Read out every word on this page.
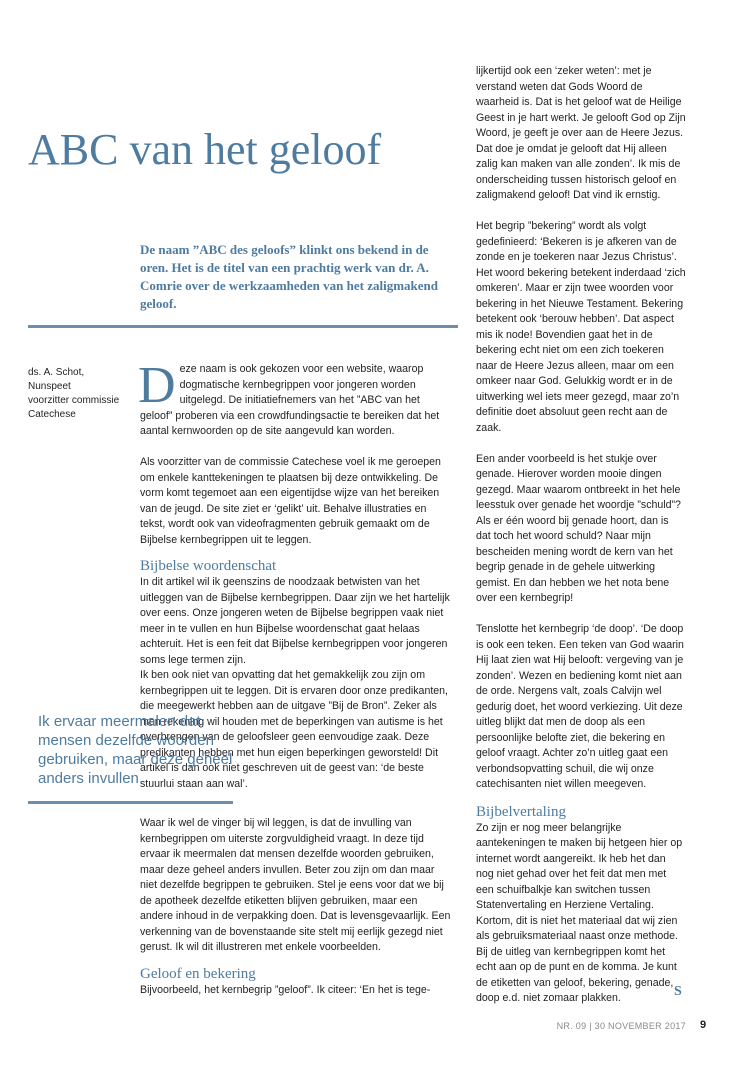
ABC van het geloof

De naam ”ABC des geloofs” klinkt ons bekend in de oren. Het is de titel van een prachtig werk van dr. A. Comrie over de werkzaamheden van het zaligmakend geloof.

ds. A. Schot,
Nunspeet
voorzitter commissie
Catechese

Deze naam is ook gekozen voor een website, waarop dogmatische kernbegrippen voor jongeren worden uitgelegd. De initiatiefnemers van het ”ABC van het geloof” proberen via een crowdfundingsactie te bereiken dat het aantal kernwoorden op de site aangevuld kan worden.

Als voorzitter van de commissie Catechese voel ik me geroepen om enkele kanttekeningen te plaatsen bij deze ontwikkeling. De vorm komt tegemoet aan een eigentijdse wijze van het bereiken van de jeugd. De site ziet er ‘gelikt’ uit. Behalve illustraties en tekst, wordt ook van videofragmenten gebruik gemaakt om de Bijbelse kernbegrippen uit te leggen.

Bijbelse woordenschat

In dit artikel wil ik geenszins de noodzaak betwisten van het uitleggen van de Bijbelse kernbegrippen. Daar zijn we het hartelijk over eens. Onze jongeren weten de Bijbelse begrippen vaak niet meer in te vullen en hun Bijbelse woordenschat gaat helaas achteruit. Het is een feit dat Bijbelse kernbegrippen voor jongeren soms lege termen zijn.

Ik ben ook niet van opvatting dat het gemakkelijk zou zijn om kernbegrippen uit te leggen. Dit is ervaren door onze predikanten, die meegewerkt hebben aan de uitgave ”Bij de Bron”. Zeker als

men rekening wil houden met de beperkingen van autisme is het overbrengen van de geloofsleer geen eenvoudige zaak. Deze predikanten hebben met hun eigen beperkingen geworsteld! Dit artikel is dan ook niet geschreven uit de geest van: ‘de beste stuurlui staan aan wal’.

Waar ik wel de vinger bij wil leggen, is dat de invulling van kernbegrippen om uiterste zorgvuldigheid vraagt. In deze tijd ervaar ik meermalen dat mensen dezelfde woorden gebruiken, maar deze geheel anders invullen. Beter zou zijn om dan maar niet dezelfde begrippen te gebruiken. Stel je eens voor dat we bij de apotheek dezelfde etiketten blijven gebruiken, maar een andere inhoud in de verpakking doen. Dat is levensgevaarlijk. Een verkenning van de bovenstaande site stelt mij eerlijk gezegd niet gerust. Ik wil dit illustreren met enkele voorbeelden.

Geloof en bekering

Bijvoorbeeld, het kernbegrip ”geloof”. Ik citeer: ‘En het is tege-

Ik ervaar meermalen dat mensen dezelfde woorden gebruiken, maar deze geheel anders invullen.

lijkertijd ook een ‘zeker weten’: met je verstand weten dat Gods Woord de waarheid is. Dat is het geloof wat de Heilige Geest in je hart werkt. Je gelooft God op Zijn Woord, je geeft je over aan de Heere Jezus. Dat doe je omdat je gelooft dat Hij alleen zalig kan maken van alle zonden’. Ik mis de onderscheiding tussen historisch geloof en zaligmakend geloof! Dat vind ik ernstig.

Het begrip ”bekering” wordt als volgt gedefinieerd: ‘Bekeren is je afkeren van de zonde en je toekeren naar Jezus Christus’. Het woord bekering betekent inderdaad ‘zich omkeren’. Maar er zijn twee woorden voor bekering in het Nieuwe Testament. Bekering betekent ook ‘berouw hebben’. Dat aspect mis ik node! Bovendien gaat het in de bekering echt niet om een zich toekeren naar de Heere Jezus alleen, maar om een omkeer naar God. Gelukkig wordt er in de uitwerking wel iets meer gezegd, maar zo’n definitie doet absoluut geen recht aan de zaak.

Een ander voorbeeld is het stukje over genade. Hierover worden mooie dingen gezegd. Maar waarom ontbreekt in het hele leesstuk over genade het woordje ”schuld”? Als er één woord bij genade hoort, dan is dat toch het woord schuld? Naar mijn bescheiden mening wordt de kern van het begrip genade in de gehele uitwerking gemist. En dan hebben we het nota bene over een kernbegrip!

Tenslotte het kernbegrip ‘de doop’. ‘De doop is ook een teken. Een teken van God waarin Hij laat zien wat Hij belooft: vergeving van je zonden’. Wezen en bediening komt niet aan de orde. Nergens valt, zoals Calvijn wel gedurig doet, het woord verkiezing. Uit deze uitleg blijkt dat men de doop als een persoonlijke belofte ziet, die bekering en geloof vraagt. Achter zo’n uitleg gaat een verbondsopvatting schuil, die wij onze catechisanten niet willen meegeven.

Bijbelvertaling

Zo zijn er nog meer belangrijke aantekeningen te maken bij hetgeen hier op internet wordt aangereikt. Ik heb het dan nog niet gehad over het feit dat men met een schuifbalkje kan switchen tussen Statenvertaling en Herziene Vertaling.

Kortom, dit is niet het materiaal dat wij zien als gebruiksmateriaal naast onze methode. Bij de uitleg van kernbegrippen komt het echt aan op de punt en de komma. Je kunt de etiketten van geloof, bekering, genade, doop e.d. niet zomaar plakken.	S
NR. 09 | 30 NOVEMBER 2017 9
